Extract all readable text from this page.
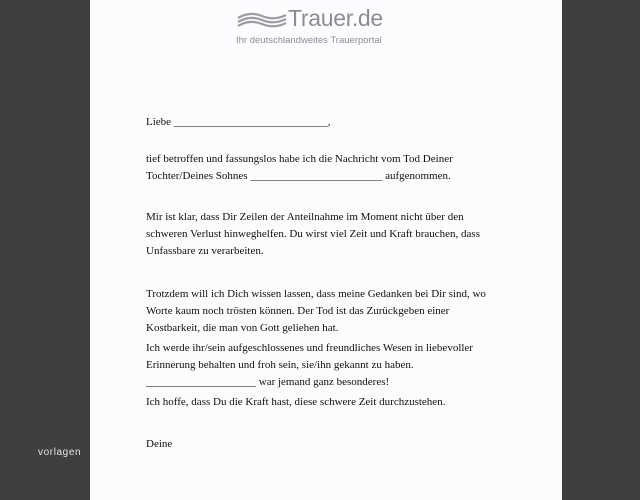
Trauer.de
Ihr deutschlandweites Trauerportal

Liebe ____________________________,

tief betroffen und fassungslos habe ich die Nachricht vom Tod Deiner

Tochter/Deines Sohnes ________________________ aufgenommen.

Mir ist klar, dass Dir Zeilen der Anteilnahme im Moment nicht über den

schweren Verlust hinweghelfen. Du wirst viel Zeit und Kraft brauchen, dass

Unfassbare zu verarbeiten.

Trotzdem will ich Dich wissen lassen, dass meine Gedanken bei Dir sind, wo

Worte kaum noch trösten können. Der Tod ist das Zurückgeben einer

Kostbarkeit, die man von Gott geliehen hat.

Ich werde ihr/sein aufgeschlossenes und freundliches Wesen in liebevoller

Erinnerung behalten und froh sein, sie/ihn gekannt zu haben.

____________________ war jemand ganz besonderes!

Ich hoffe, dass Du die Kraft hast, diese schwere Zeit durchzustehen.

Deine

vorlagen
